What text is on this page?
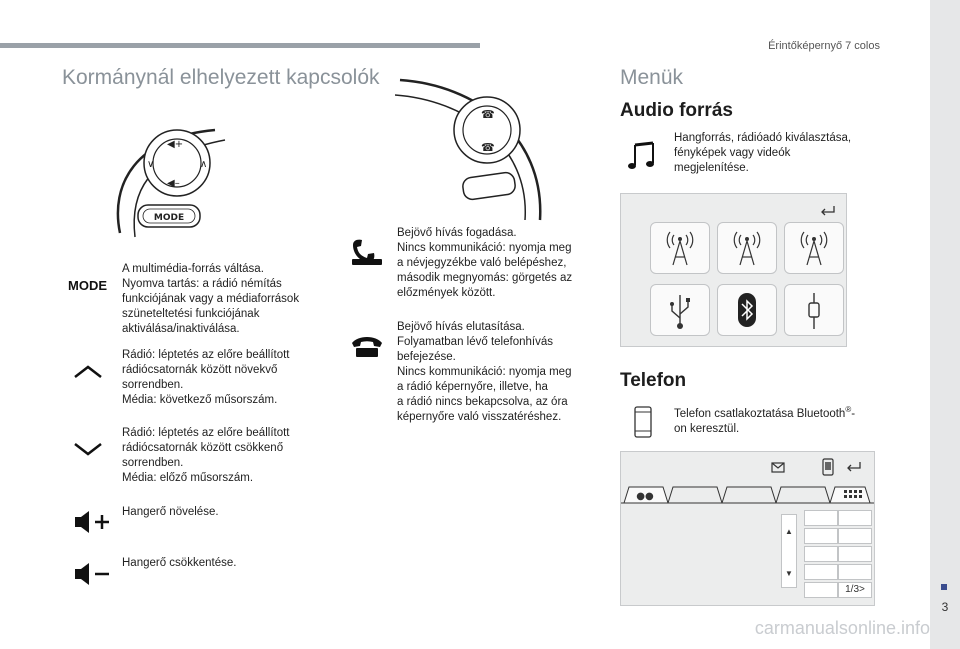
Érintőképernyő 7 colos
3
carmanualsonline.info
Kormánynál elhelyezett kapcsolók
◀+
◀–
∨	∧
MODE
MODE
A multimédia-forrás váltása.
Nyomva tartás: a rádió némítás
funkciójának vagy a médiaforrások
szüneteltetési funkciójának
aktiválása/inaktiválása.
Rádió: léptetés az előre beállított
rádiócsatornák között növekvő
sorrendben.
Média: következő műsorszám.
Rádió: léptetés az előre beállított
rádiócsatornák között csökkenő
sorrendben.
Média: előző műsorszám.
Hangerő növelése.
Hangerő csökkentése.
☎
☎
Bejövő hívás fogadása.
Nincs kommunikáció: nyomja meg
a névjegyzékbe való belépéshez,
második megnyomás: görgetés az
előzmények között.
Bejövő hívás elutasítása.
Folyamatban lévő telefonhívás
befejezése.
Nincs kommunikáció: nyomja meg
a rádió képernyőre, illetve, ha
a rádió nincs bekapcsolva, az óra
képernyőre való visszatéréshez.
Menük
Audio forrás
Hangforrás, rádióadó kiválasztása,
fényképek vagy videók
megjelenítése.
Telefon
Telefon csatlakoztatása Bluetooth®-
on keresztül.
●●
▲
▼
1/3>
